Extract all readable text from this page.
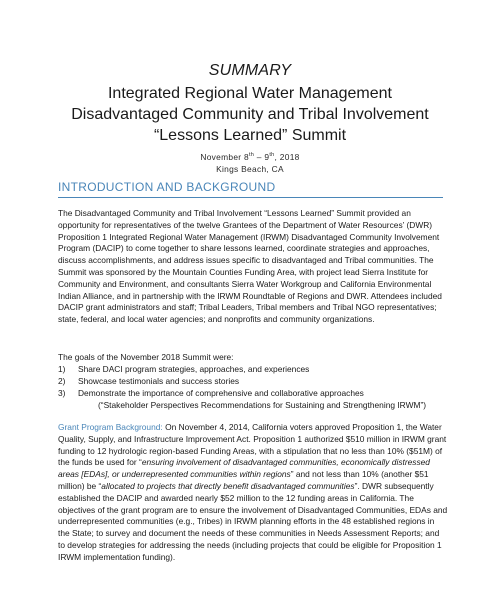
SUMMARY
Integrated Regional Water Management
Disadvantaged Community and Tribal Involvement
“Lessons Learned” Summit
November 8th – 9th, 2018
Kings Beach, CA
INTRODUCTION AND BACKGROUND

The Disadvantaged Community and Tribal Involvement “Lessons Learned” Summit provided an opportunity for representatives of the twelve Grantees of the Department of Water Resources’ (DWR) Proposition 1 Integrated Regional Water Management (IRWM) Disadvantaged Community Involvement Program (DACIP) to come together to share lessons learned, coordinate strategies and approaches, discuss accomplishments, and address issues specific to disadvantaged and Tribal communities. The Summit was sponsored by the Mountain Counties Funding Area, with project lead Sierra Institute for Community and Environment, and consultants Sierra Water Workgroup and California Environmental Indian Alliance, and in partnership with the IRWM Roundtable of Regions and DWR. Attendees included DACIP grant administrators and staff; Tribal Leaders, Tribal members and Tribal NGO representatives; state, federal, and local water agencies; and nonprofits and community organizations.

The goals of the November 2018 Summit were:

1) Share DACI program strategies, approaches, and experiences
2) Showcase testimonials and success stories
3) Demonstrate the importance of comprehensive and collaborative approaches
(“Stakeholder Perspectives Recommendations for Sustaining and Strengthening IRWM”)

Grant Program Background: On November 4, 2014, California voters approved Proposition 1, the Water Quality, Supply, and Infrastructure Improvement Act. Proposition 1 authorized $510 million in IRWM grant funding to 12 hydrologic region-based Funding Areas, with a stipulation that no less than 10% ($51M) of the funds be used for “ensuring involvement of disadvantaged communities, economically distressed areas [EDAs], or underrepresented communities within regions” and not less than 10% (another $51 million) be “allocated to projects that directly benefit disadvantaged communities”. DWR subsequently established the DACIP and awarded nearly $52 million to the 12 funding areas in California. The objectives of the grant program are to ensure the involvement of Disadvantaged Communities, EDAs and underrepresented communities (e.g., Tribes) in IRWM planning efforts in the 48 established regions in the State; to survey and document the needs of these communities in Needs Assessment Reports; and to develop strategies for addressing the needs (including projects that could be eligible for Proposition 1 IRWM implementation funding).
